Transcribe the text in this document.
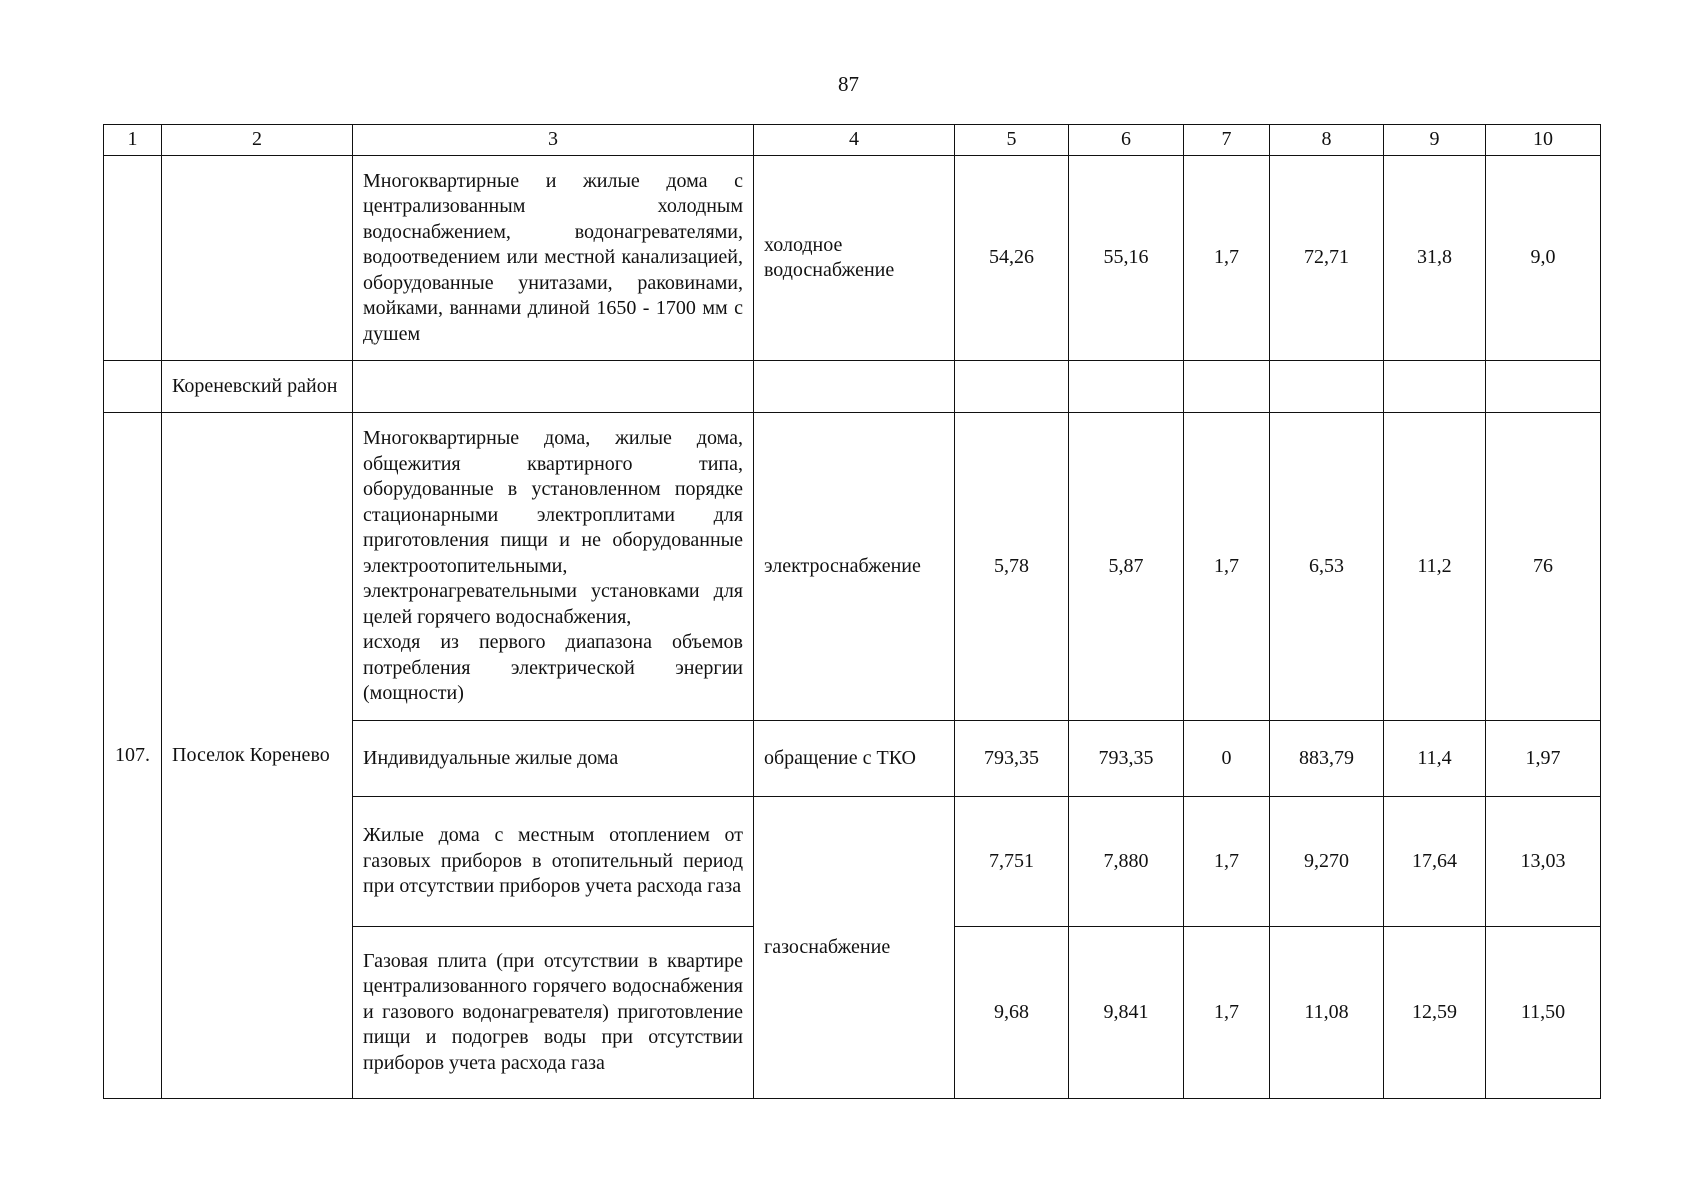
87
1	2	3	4	5	6	7	8	9	10
		Многоквартирные и жилые дома с централизованным холодным водоснабжением, водонагревателями, водоотведением или местной канализацией, оборудованные унитазами, раковинами, мойками, ваннами длиной 1650 - 1700 мм с душем	холодное водоснабжение	54,26	55,16	1,7	72,71	31,8	9,0
	Кореневский район								
107.	Поселок Коренево	Многоквартирные дома, жилые дома, общежития квартирного типа, оборудованные в установленном порядке стационарными электроплитами для приготовления пищи и не оборудованные электроотопительными, электронагревательными установками для целей горячего водоснабжения,
исходя из первого диапазона объемов потребления электрической энергии (мощности)	электроснабжение	5,78	5,87	1,7	6,53	11,2	76
		Индивидуальные жилые дома	обращение с ТКО	793,35	793,35	0	883,79	11,4	1,97
		Жилые дома с местным отоплением от газовых приборов в отопительный период при отсутствии приборов учета расхода газа	газоснабжение	7,751	7,880	1,7	9,270	17,64	13,03
		Газовая плита (при отсутствии в квартире централизованного горячего водоснабжения и газового водонагревателя) приготовление пищи и подогрев воды при отсутствии приборов учета расхода газа		9,68	9,841	1,7	11,08	12,59	11,50
